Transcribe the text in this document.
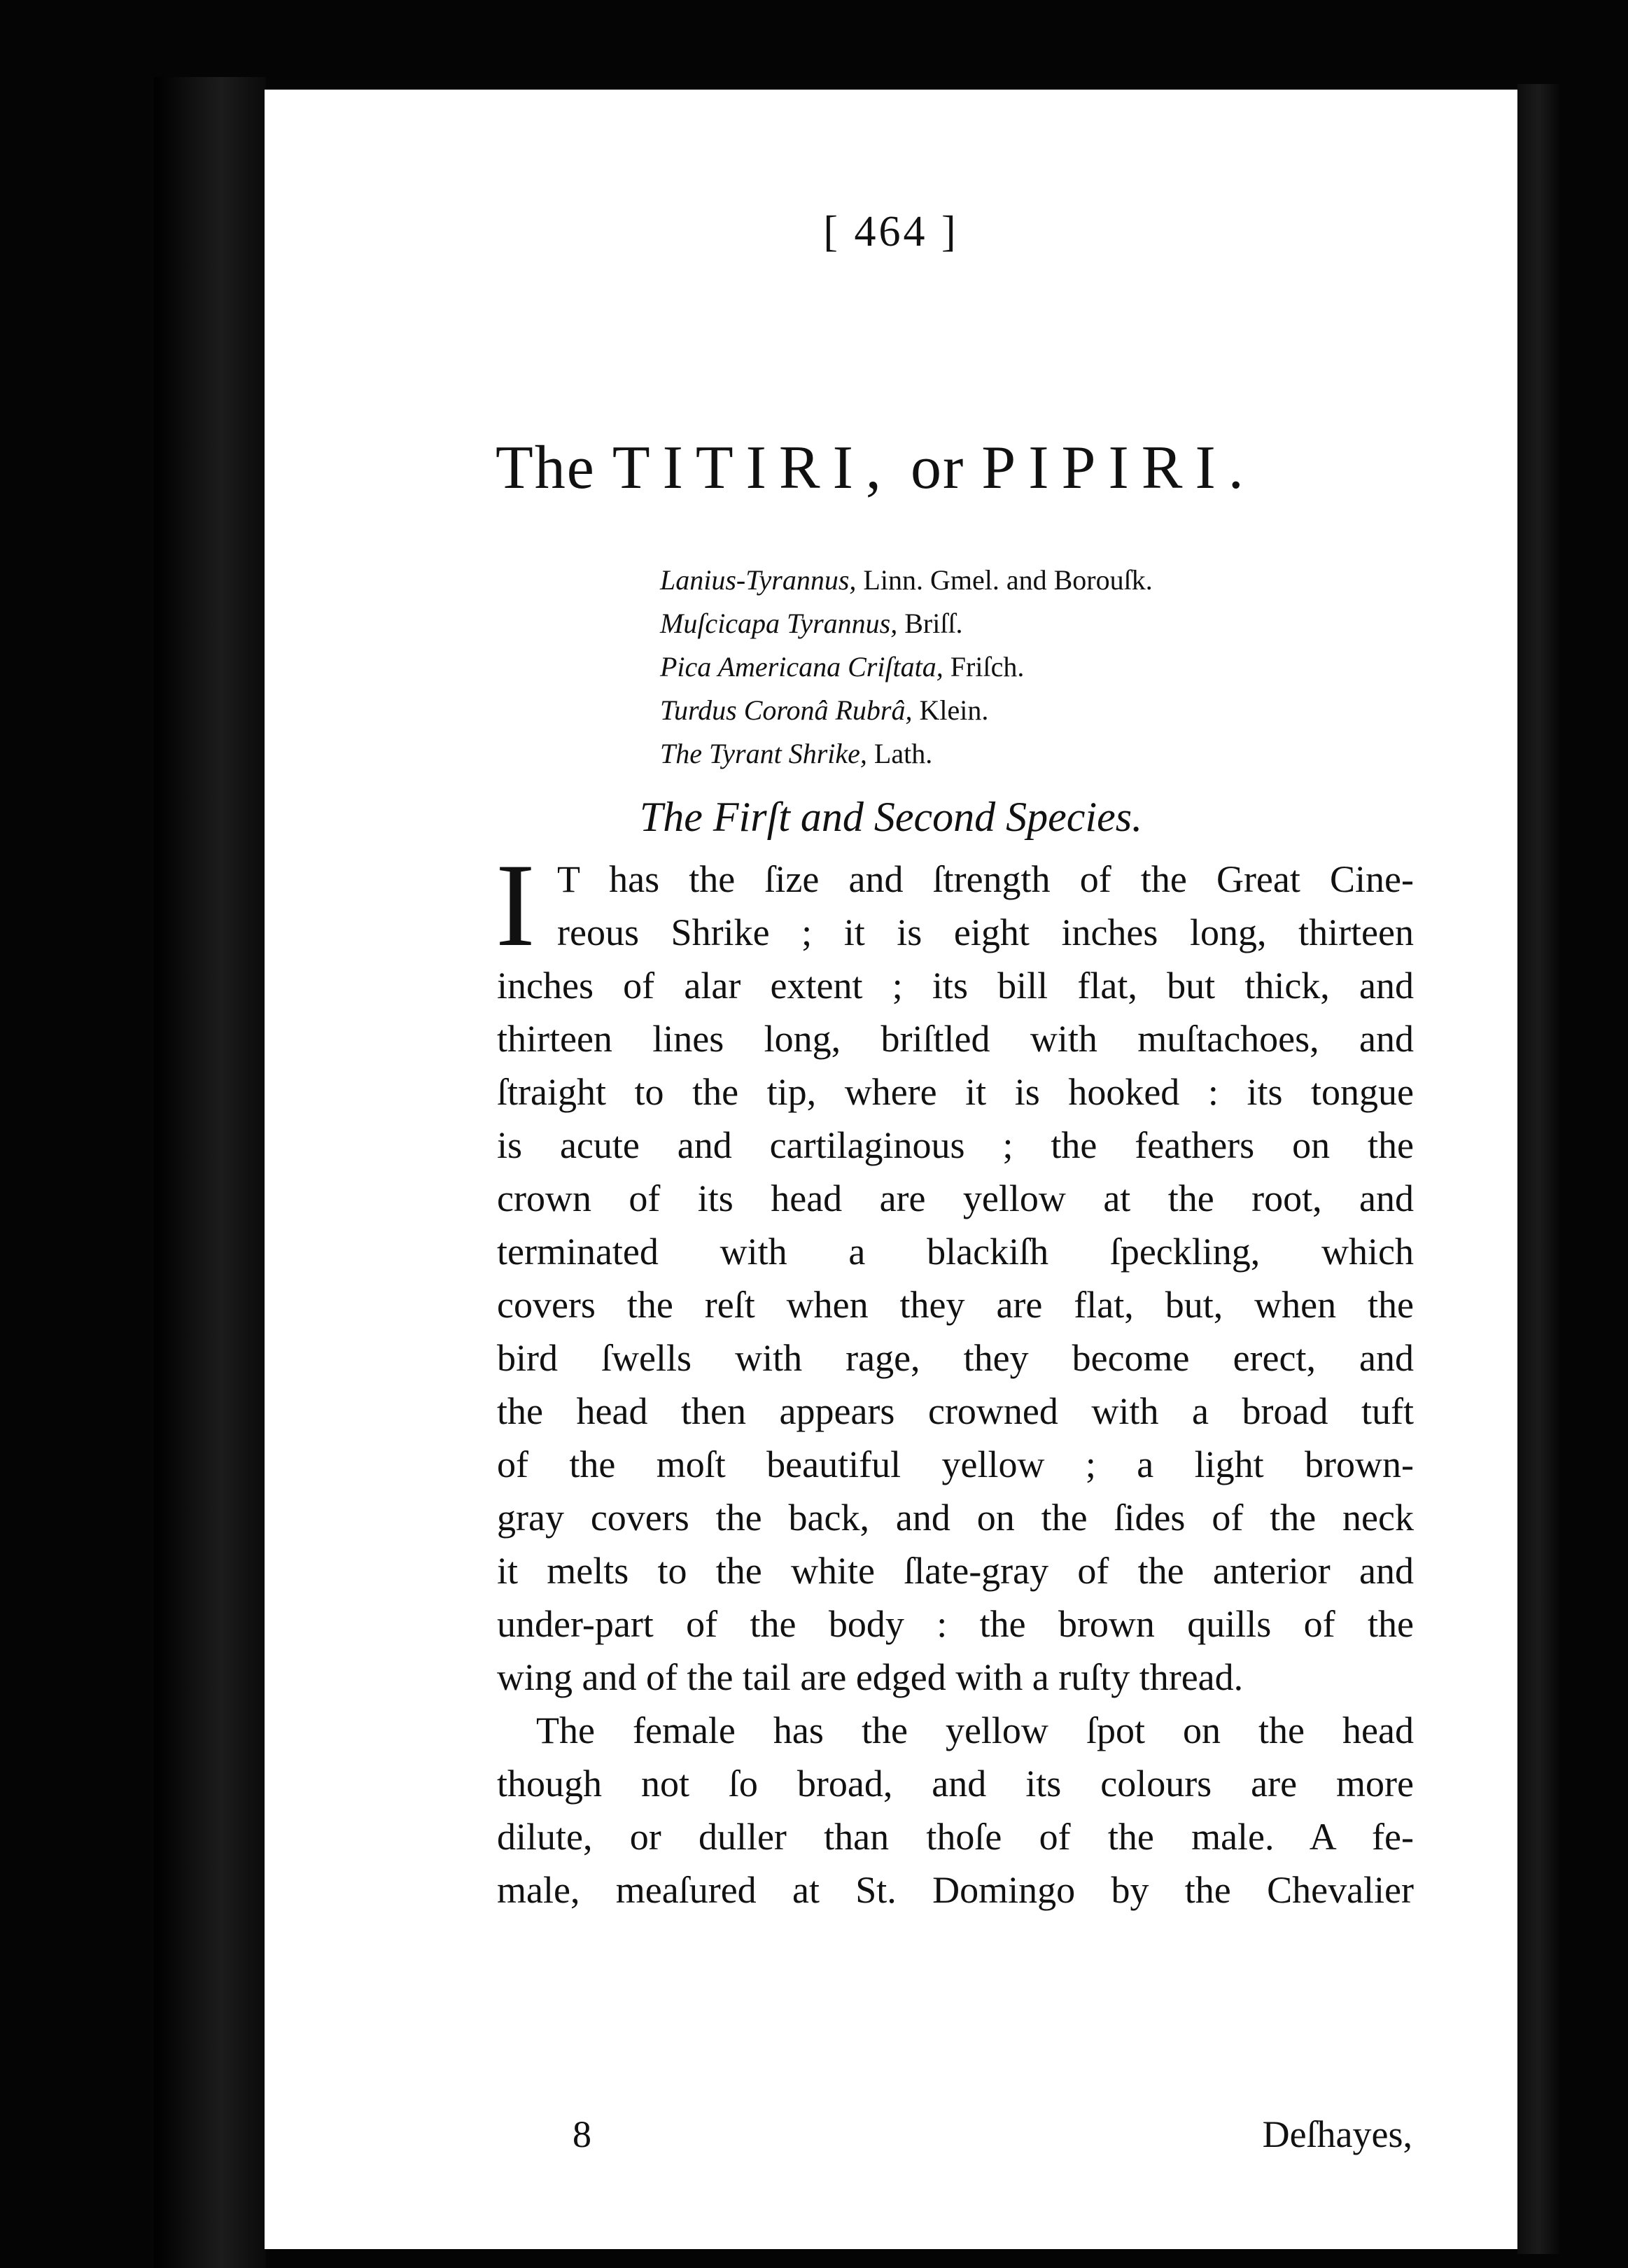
[ 464 ]
The TITIRI, or PIPIRI.
Lanius-Tyrannus, Linn. Gmel. and Borouſk.
Muſcicapa Tyrannus, Briſſ.
Pica Americana Criſtata, Friſch.
Turdus Coronâ Rubrâ, Klein.
The Tyrant Shrike, Lath.
The Firſt and Second Species.
I T has the ſize and ſtrength of the Great Cine-
reous Shrike ; it is eight inches long, thirteen
inches of alar extent ; its bill flat, but thick, and
thirteen lines long, briſtled with muſtachoes, and
ſtraight to the tip, where it is hooked : its tongue
is acute and cartilaginous ; the feathers on the
crown of its head are yellow at the root, and
terminated with a blackiſh ſpeckling, which
covers the reſt when they are flat, but, when the
bird ſwells with rage, they become erect, and
the head then appears crowned with a broad tuft
of the moſt beautiful yellow ; a light brown-
gray covers the back, and on the ſides of the neck
it melts to the white ſlate-gray of the anterior and
under-part of the body : the brown quills of the
wing and of the tail are edged with a ruſty thread.
The female has the yellow ſpot on the head
though not ſo broad, and its colours are more
dilute, or duller than thoſe of the male. A fe-
male, meaſured at St. Domingo by the Chevalier
8	Deſhayes,
